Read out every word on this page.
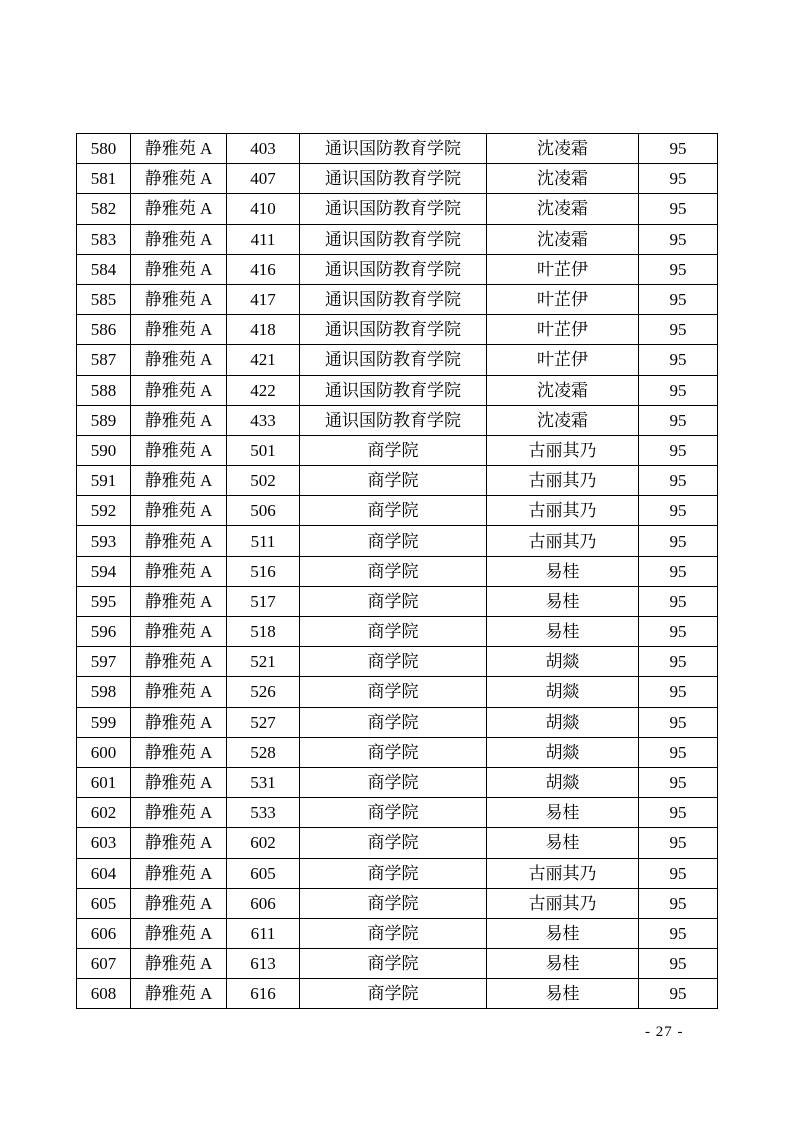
580	静雅苑 A	403	通识国防教育学院	沈凌霜	95
581	静雅苑 A	407	通识国防教育学院	沈凌霜	95
582	静雅苑 A	410	通识国防教育学院	沈凌霜	95
583	静雅苑 A	411	通识国防教育学院	沈凌霜	95
584	静雅苑 A	416	通识国防教育学院	叶芷伊	95
585	静雅苑 A	417	通识国防教育学院	叶芷伊	95
586	静雅苑 A	418	通识国防教育学院	叶芷伊	95
587	静雅苑 A	421	通识国防教育学院	叶芷伊	95
588	静雅苑 A	422	通识国防教育学院	沈凌霜	95
589	静雅苑 A	433	通识国防教育学院	沈凌霜	95
590	静雅苑 A	501	商学院	古丽其乃	95
591	静雅苑 A	502	商学院	古丽其乃	95
592	静雅苑 A	506	商学院	古丽其乃	95
593	静雅苑 A	511	商学院	古丽其乃	95
594	静雅苑 A	516	商学院	易桂	95
595	静雅苑 A	517	商学院	易桂	95
596	静雅苑 A	518	商学院	易桂	95
597	静雅苑 A	521	商学院	胡燚	95
598	静雅苑 A	526	商学院	胡燚	95
599	静雅苑 A	527	商学院	胡燚	95
600	静雅苑 A	528	商学院	胡燚	95
601	静雅苑 A	531	商学院	胡燚	95
602	静雅苑 A	533	商学院	易桂	95
603	静雅苑 A	602	商学院	易桂	95
604	静雅苑 A	605	商学院	古丽其乃	95
605	静雅苑 A	606	商学院	古丽其乃	95
606	静雅苑 A	611	商学院	易桂	95
607	静雅苑 A	613	商学院	易桂	95
608	静雅苑 A	616	商学院	易桂	95
- 27 -
